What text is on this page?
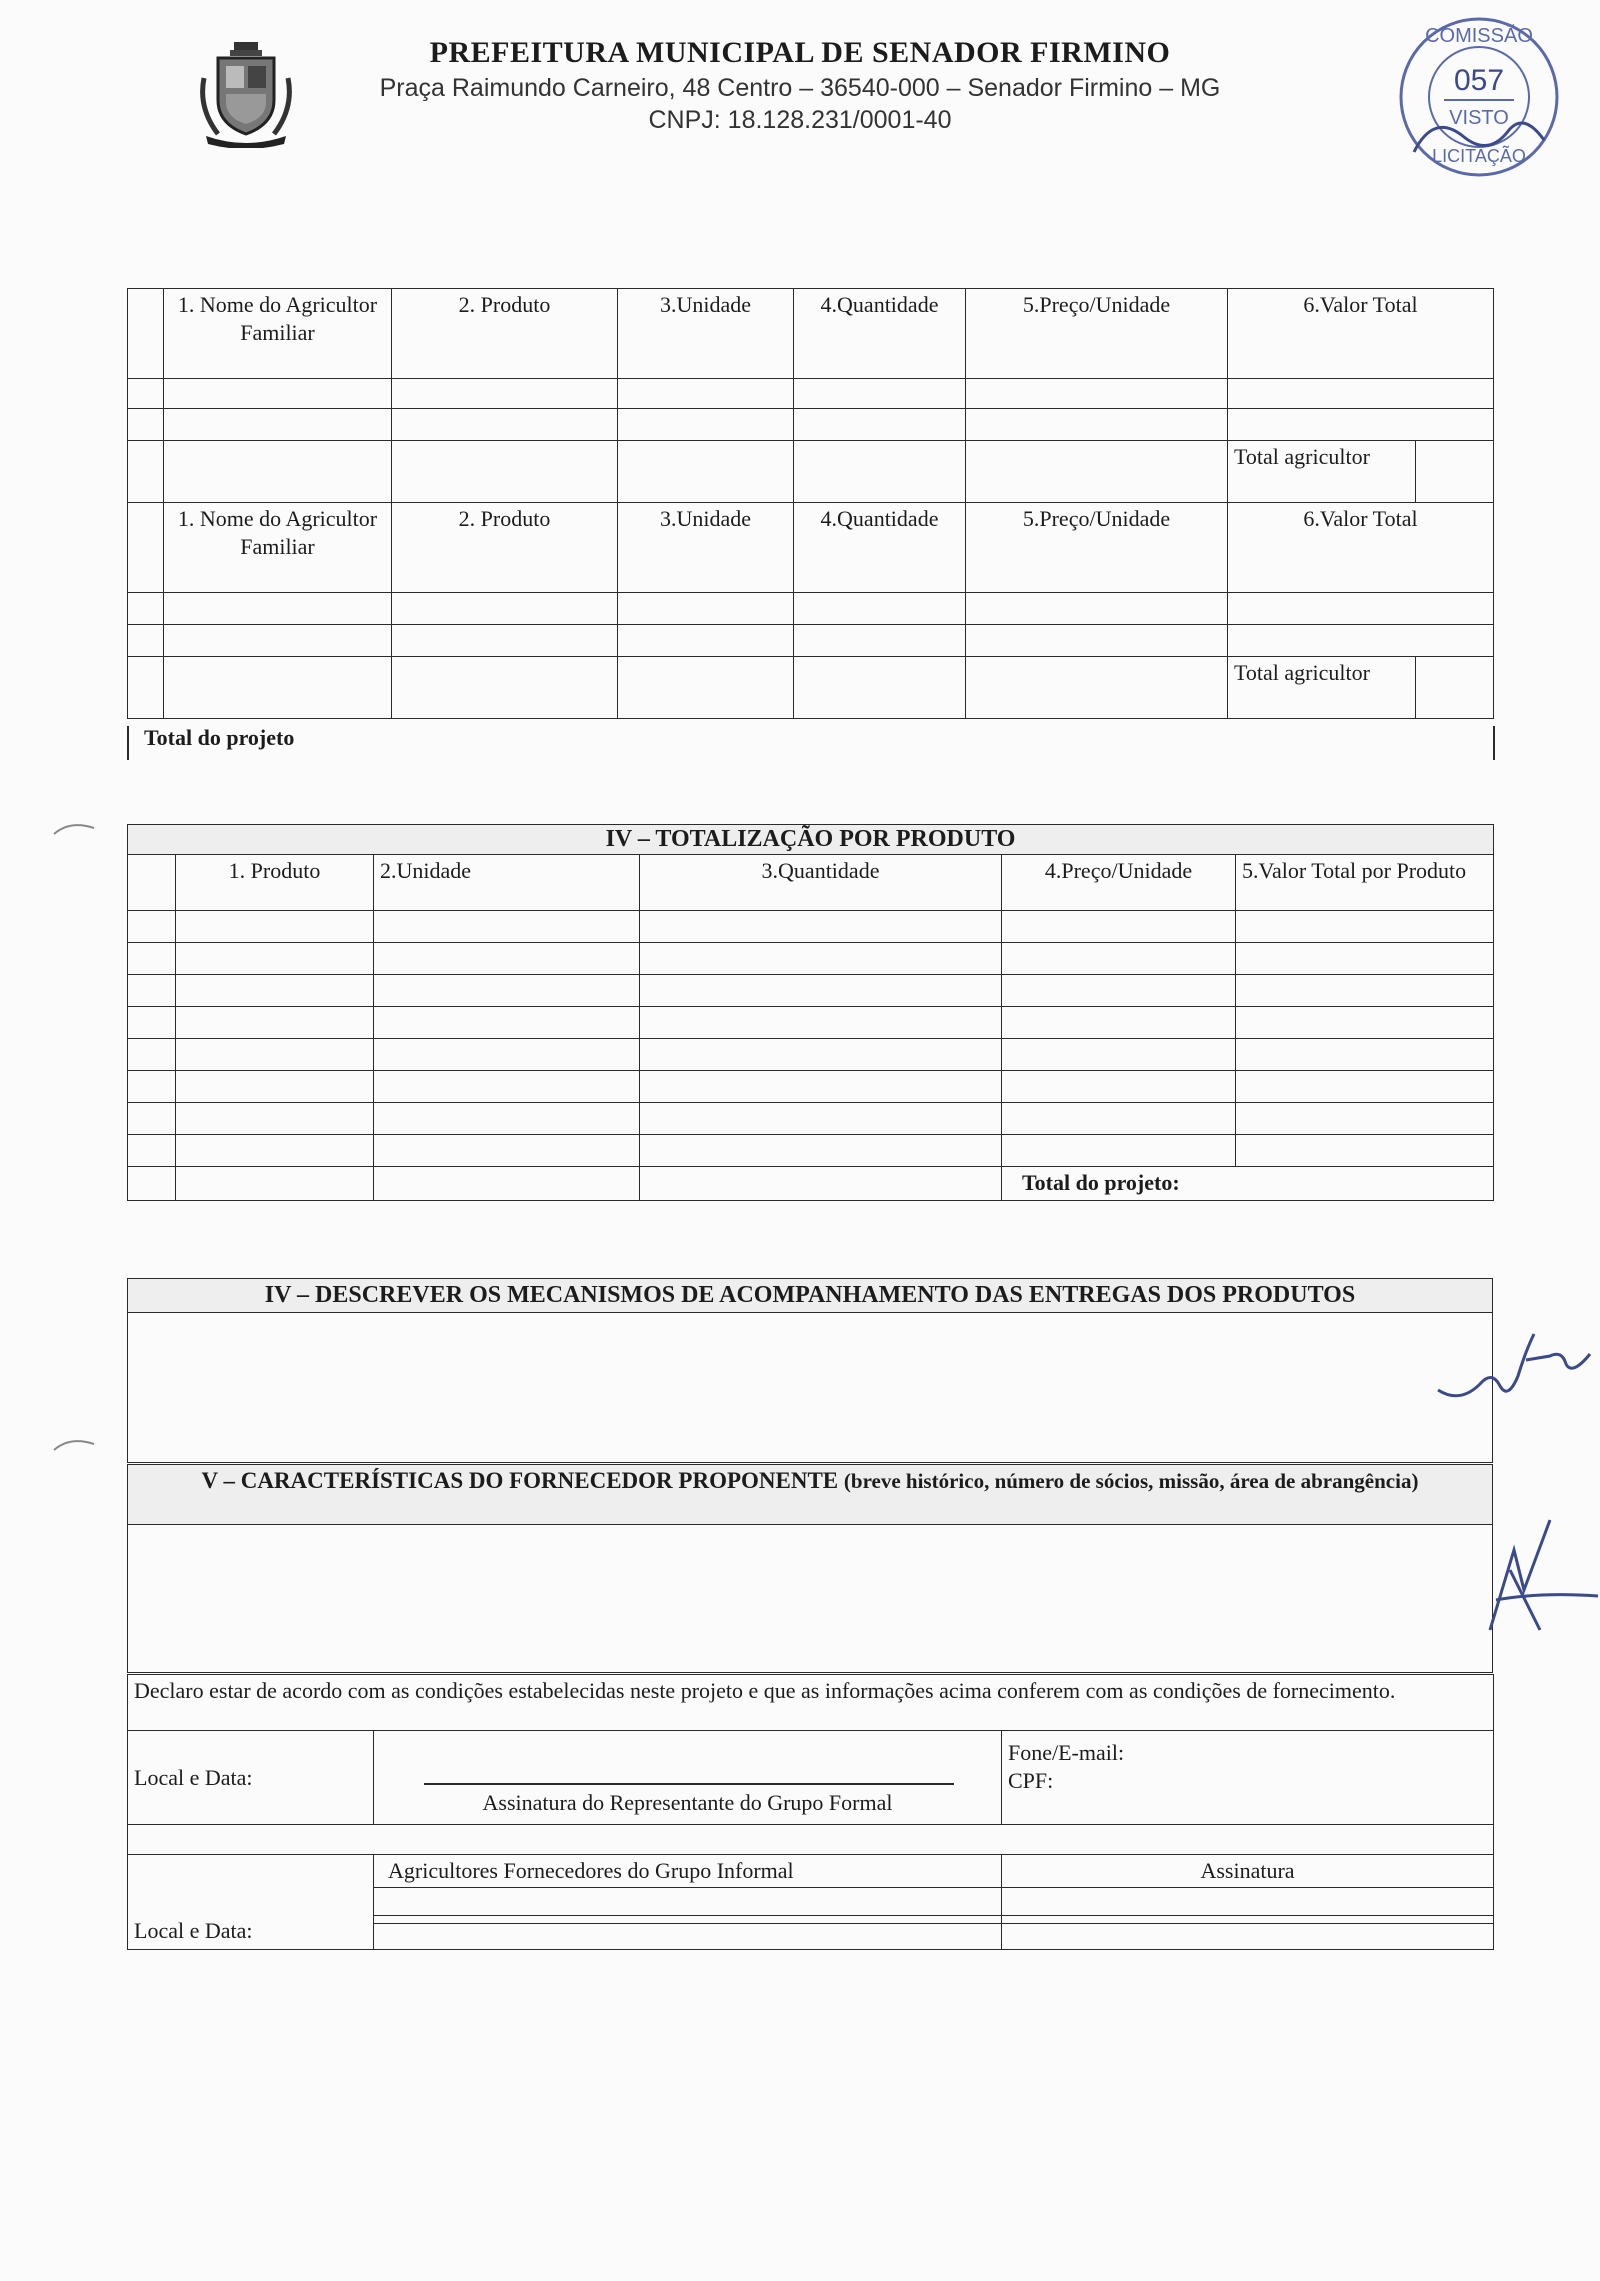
PREFEITURA MUNICIPAL DE SENADOR FIRMINO
Praça Raimundo Carneiro, 48 Centro – 36540-000 – Senador Firmino – MG
CNPJ: 18.128.231/0001-40
COMISSÃO
057
VISTO
LICITAÇÃO
	1. Nome do Agricultor Familiar	2. Produto	3.Unidade	4.Quantidade	5.Preço/Unidade	6.Valor Total	

						Total agricultor	
	1. Nome do Agricultor Familiar	2. Produto	3.Unidade	4.Quantidade	5.Preço/Unidade	6.Valor Total	

						Total agricultor	
Total do projeto
IV – TOTALIZAÇÃO POR PRODUTO					
	1. Produto	2.Unidade	3.Quantidade	4.Preço/Unidade	5.Valor Total por Produto

				Total do projeto:	
IV – DESCREVER OS MECANISMOS DE ACOMPANHAMENTO DAS ENTREGAS DOS PRODUTOS

V – CARACTERÍSTICAS DO FORNECEDOR PROPONENTE (breve histórico, número de sócios, missão, área de abrangência)

Declaro estar de acordo com as condições estabelecidas neste projeto e que as informações acima conferem com as condições de fornecimento.		
Local e Data:	Assinatura do Representante do Grupo Formal	Fone/E-mail:
CPF:

Local e Data:	Agricultores Fornecedores do Grupo Informal	Assinatura
